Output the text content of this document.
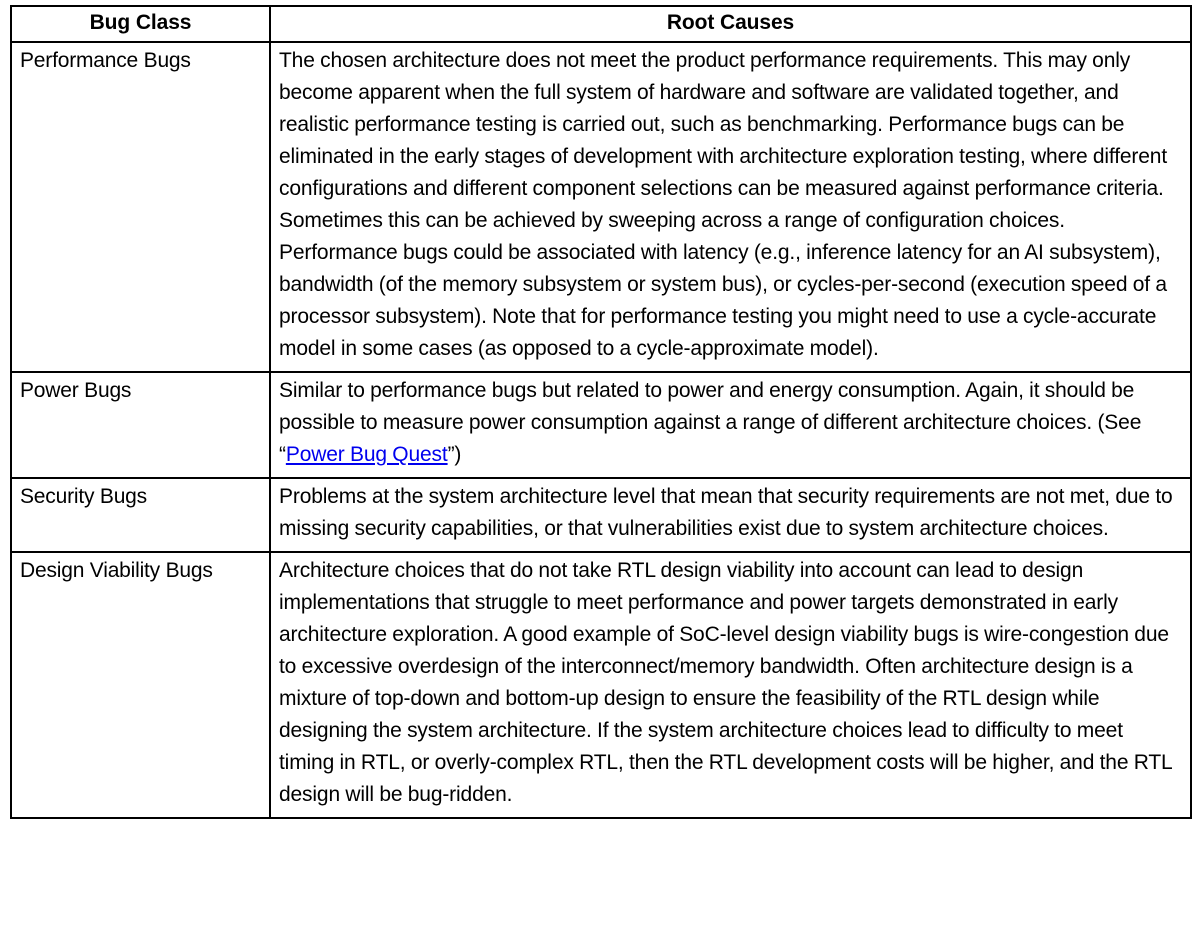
Bug Class	Root Causes

Performance Bugs	The chosen architecture does not meet the product performance requirements. This may only become apparent when the full system of hardware and software are validated together, and realistic performance testing is carried out, such as benchmarking. Performance bugs can be eliminated in the early stages of development with architecture exploration testing, where different configurations and different component selections can be measured against performance criteria. Sometimes this can be achieved by sweeping across a range of configuration choices. Performance bugs could be associated with latency (e.g., inference latency for an AI subsystem), bandwidth (of the memory subsystem or system bus), or cycles-per-second (execution speed of a processor subsystem). Note that for performance testing you might need to use a cycle-accurate model in some cases (as opposed to a cycle-approximate model).

Power Bugs	Similar to performance bugs but related to power and energy consumption. Again, it should be possible to measure power consumption against a range of different architecture choices. (See “Power Bug Quest”)

Security Bugs	Problems at the system architecture level that mean that security requirements are not met, due to missing security capabilities, or that vulnerabilities exist due to system architecture choices.

Design Viability Bugs	Architecture choices that do not take RTL design viability into account can lead to design implementations that struggle to meet performance and power targets demonstrated in early architecture exploration. A good example of SoC-level design viability bugs is wire-congestion due to excessive overdesign of the interconnect/memory bandwidth. Often architecture design is a mixture of top-down and bottom-up design to ensure the feasibility of the RTL design while designing the system architecture. If the system architecture choices lead to difficulty to meet timing in RTL, or overly-complex RTL, then the RTL development costs will be higher, and the RTL design will be bug-ridden.
